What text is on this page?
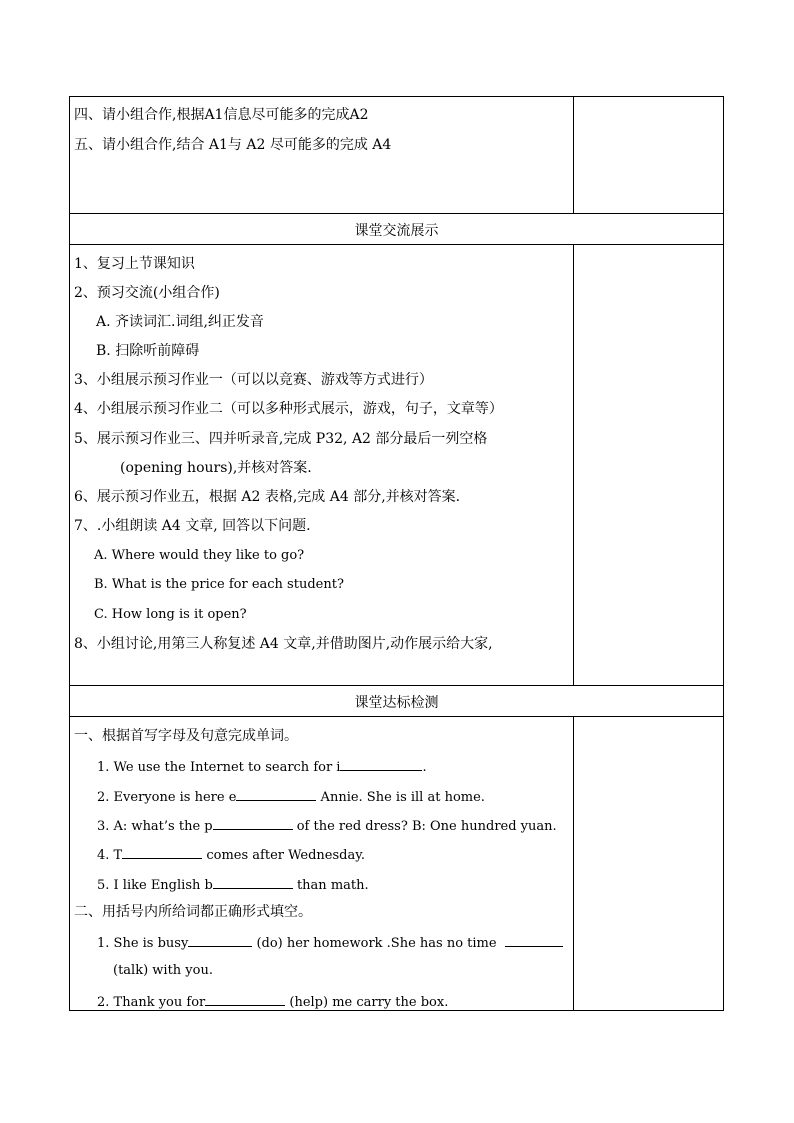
四、请小组合作,根据A1信息尽可能多的完成A2
五、请小组合作,结合 A1与 A2 尽可能多的完成 A4
课堂交流展示
1、复习上节课知识
2、预习交流(小组合作)
A. 齐读词汇.词组,纠正发音
B. 扫除听前障碍
3、小组展示预习作业一（可以以竞赛、游戏等方式进行）
4、小组展示预习作业二（可以多种形式展示，游戏，句子，文章等）
5、展示预习作业三、四并听录音,完成 P32, A2 部分最后一列空格
(opening hours),并核对答案.
6、展示预习作业五，根据 A2 表格,完成 A4 部分,并核对答案.
7、.小组朗读 A4 文章, 回答以下问题.
A. Where would they like to go?
B. What is the price for each student?
C. How long is it open?
8、小组讨论,用第三人称复述 A4 文章,并借助图片,动作展示给大家,
课堂达标检测
一、根据首写字母及句意完成单词。
1. We use the Internet to search for i	.
2. Everyone is here e	Annie. She is ill at home.
3. A: what’s the p	of the red dress? B: One hundred yuan.
4. T	comes after Wednesday.
5. I like English b	than math.
二、用括号内所给词都正确形式填空。
1. She is busy	(do) her homework .She has no time
(talk) with you.
2. Thank you for	(help) me carry the box.
